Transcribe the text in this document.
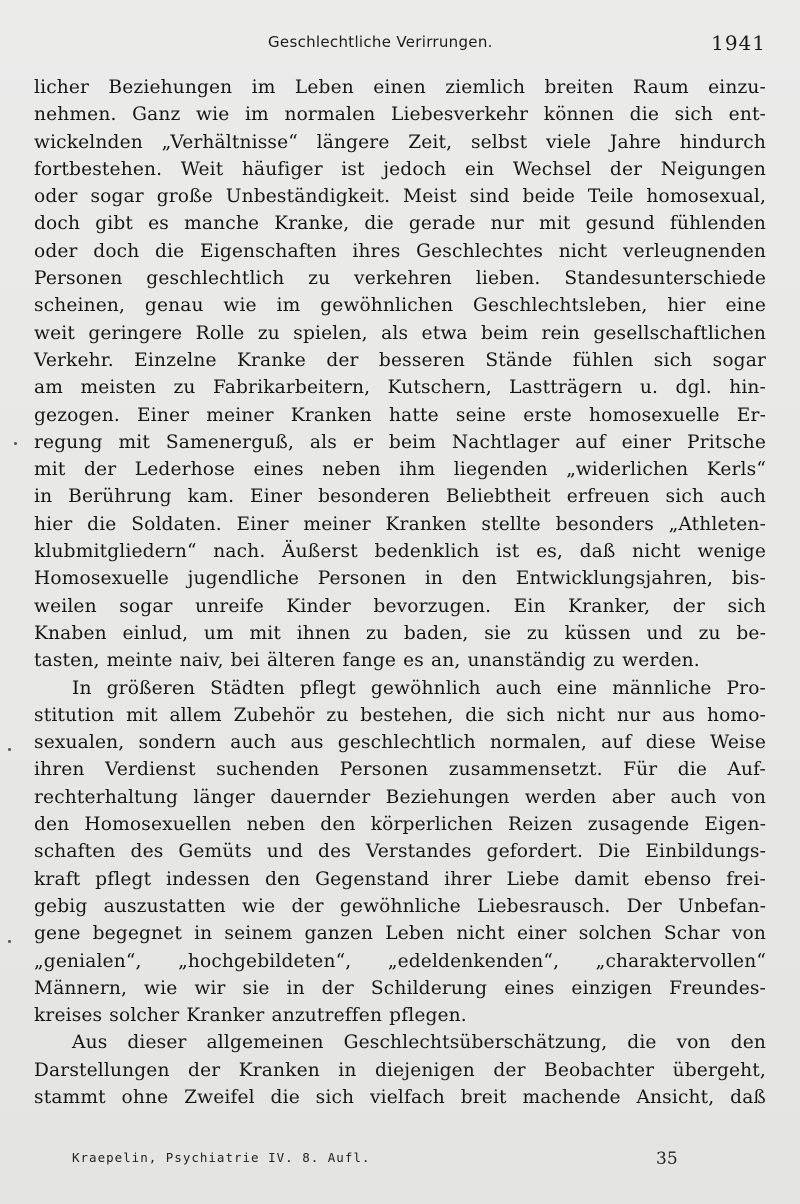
Geschlechtliche Verirrungen.	1941
licher Beziehungen im Leben einen ziemlich breiten Raum einzu-
nehmen. Ganz wie im normalen Liebesverkehr können die sich ent-
wickelnden „Verhältnisse“ längere Zeit, selbst viele Jahre hindurch
fortbestehen. Weit häufiger ist jedoch ein Wechsel der Neigungen
oder sogar große Unbeständigkeit. Meist sind beide Teile homosexual,
doch gibt es manche Kranke, die gerade nur mit gesund fühlenden
oder doch die Eigenschaften ihres Geschlechtes nicht verleugnenden
Personen geschlechtlich zu verkehren lieben. Standesunterschiede
scheinen, genau wie im gewöhnlichen Geschlechtsleben, hier eine
weit geringere Rolle zu spielen, als etwa beim rein gesellschaftlichen
Verkehr. Einzelne Kranke der besseren Stände fühlen sich sogar
am meisten zu Fabrikarbeitern, Kutschern, Lastträgern u. dgl. hin-
gezogen. Einer meiner Kranken hatte seine erste homosexuelle Er-
regung mit Samenerguß, als er beim Nachtlager auf einer Pritsche
mit der Lederhose eines neben ihm liegenden „widerlichen Kerls“
in Berührung kam. Einer besonderen Beliebtheit erfreuen sich auch
hier die Soldaten. Einer meiner Kranken stellte besonders „Athleten-
klubmitgliedern“ nach. Äußerst bedenklich ist es, daß nicht wenige
Homosexuelle jugendliche Personen in den Entwicklungsjahren, bis-
weilen sogar unreife Kinder bevorzugen. Ein Kranker, der sich
Knaben einlud, um mit ihnen zu baden, sie zu küssen und zu be-
tasten, meinte naiv, bei älteren fange es an, unanständig zu werden.
In größeren Städten pflegt gewöhnlich auch eine männliche Pro-
stitution mit allem Zubehör zu bestehen, die sich nicht nur aus homo-
sexualen, sondern auch aus geschlechtlich normalen, auf diese Weise
ihren Verdienst suchenden Personen zusammensetzt. Für die Auf-
rechterhaltung länger dauernder Beziehungen werden aber auch von
den Homosexuellen neben den körperlichen Reizen zusagende Eigen-
schaften des Gemüts und des Verstandes gefordert. Die Einbildungs-
kraft pflegt indessen den Gegenstand ihrer Liebe damit ebenso frei-
gebig auszustatten wie der gewöhnliche Liebesrausch. Der Unbefan-
gene begegnet in seinem ganzen Leben nicht einer solchen Schar von
„genialen“, „hochgebildeten“, „edeldenkenden“, „charaktervollen“
Männern, wie wir sie in der Schilderung eines einzigen Freundes-
kreises solcher Kranker anzutreffen pflegen.
Aus dieser allgemeinen Geschlechtsüberschätzung, die von den
Darstellungen der Kranken in diejenigen der Beobachter übergeht,
stammt ohne Zweifel die sich vielfach breit machende Ansicht, daß
Kraepelin, Psychiatrie IV. 8. Aufl.	35
